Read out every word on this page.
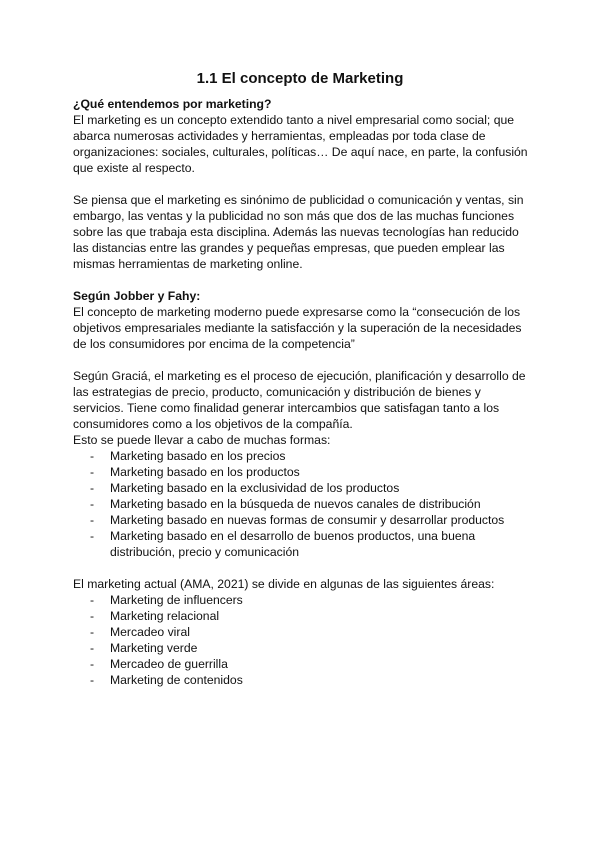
1.1 El concepto de Marketing

¿Qué entendemos por marketing?

El marketing es un concepto extendido tanto a nivel empresarial como social; que abarca numerosas actividades y herramientas, empleadas por toda clase de organizaciones: sociales, culturales, políticas… De aquí nace, en parte, la confusión que existe al respecto.

Se piensa que el marketing es sinónimo de publicidad o comunicación y ventas, sin embargo, las ventas y la publicidad no son más que dos de las muchas funciones sobre las que trabaja esta disciplina. Además las nuevas tecnologías han reducido las distancias entre las grandes y pequeñas empresas, que pueden emplear las mismas herramientas de marketing online.

Según Jobber y Fahy:

El concepto de marketing moderno puede expresarse como la “consecución de los objetivos empresariales mediante la satisfacción y la superación de la necesidades de los consumidores por encima de la competencia”

Según Graciá, el marketing es el proceso de ejecución, planificación y desarrollo de las estrategias de precio, producto, comunicación y distribución de bienes y servicios. Tiene como finalidad generar intercambios que satisfagan tanto a los consumidores como a los objetivos de la compañía.

Esto se puede llevar a cabo de muchas formas:

- Marketing basado en los precios
- Marketing basado en los productos
- Marketing basado en la exclusividad de los productos
- Marketing basado en la búsqueda de nuevos canales de distribución
- Marketing basado en nuevas formas de consumir y desarrollar productos
- Marketing basado en el desarrollo de buenos productos, una buena distribución, precio y comunicación

El marketing actual (AMA, 2021) se divide en algunas de las siguientes áreas:

- Marketing de influencers
- Marketing relacional
- Mercadeo viral
- Marketing verde
- Mercadeo de guerrilla
- Marketing de contenidos
